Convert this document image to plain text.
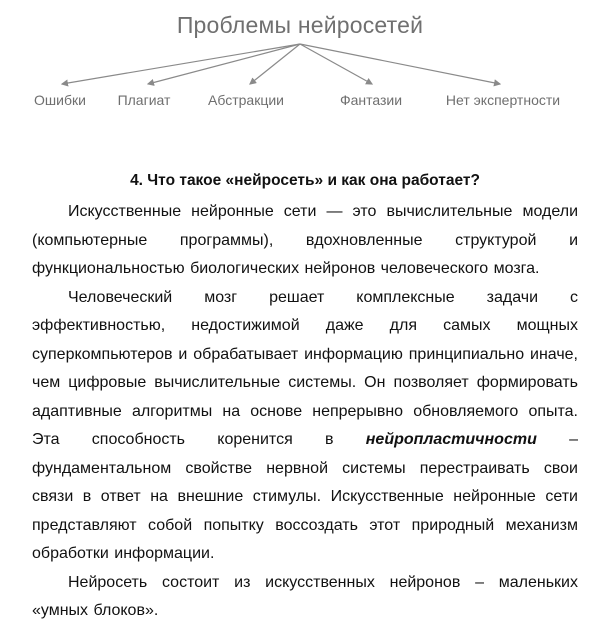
Проблемы нейросетей
Ошибки Плагиат	Абстракции	Фантазии	Нет экспертности
4. Что такое «нейросеть» и как она работает?

Искусственные нейронные сети — это вычислительные модели (компьютерные программы), вдохновленные структурой и функциональностью биологических нейронов человеческого мозга.

Человеческий мозг решает комплексные задачи с эффективностью, недостижимой даже для самых мощных суперкомпьютеров и обрабатывает информацию принципиально иначе, чем цифровые вычислительные системы. Он позволяет формировать адаптивные алгоритмы на основе непрерывно обновляемого опыта. Эта способность коренится в нейропластичности – фундаментальном свойстве нервной системы перестраивать свои связи в ответ на внешние стимулы. Искусственные нейронные сети представляют собой попытку воссоздать этот природный механизм обработки информации.

Нейросеть состоит из искусственных нейронов – маленьких «умных блоков».
